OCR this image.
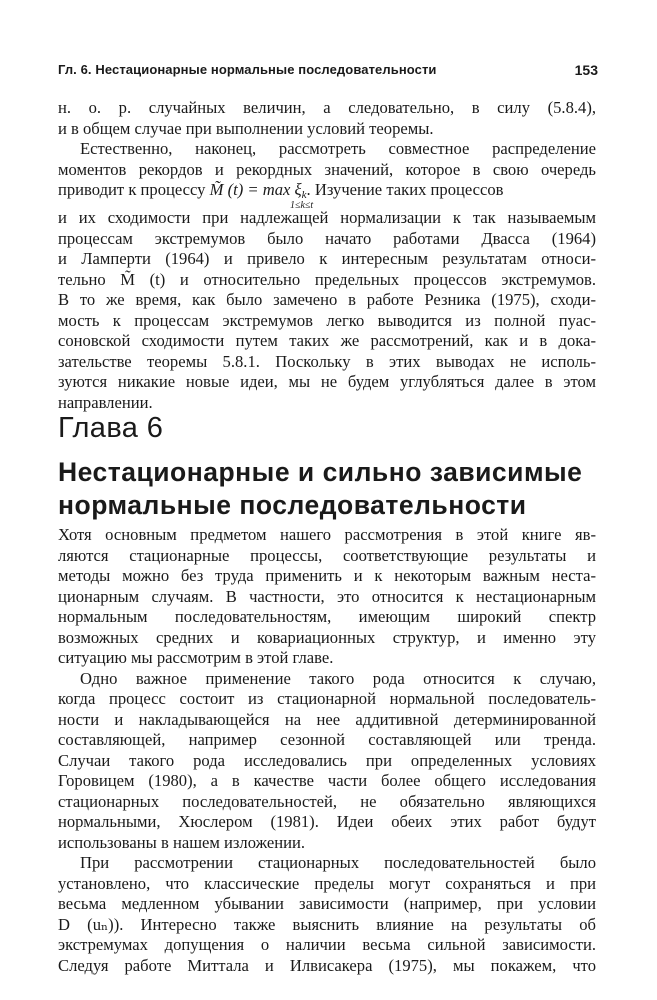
Гл. 6. Нестационарные нормальные последовательности	153
н. о. р. случайных величин, а следовательно, в силу (5.8.4),
и в общем случае при выполнении условий теоремы.
Естественно, наконец, рассмотреть совместное распределение
моментов рекордов и рекордных значений, которое в свою очередь
приводит к процессу M̃ (t) = max ξk. Изучение таких процессов
1≤k≤t
и их сходимости при надлежащей нормализации к так называемым
процессам экстремумов было начато работами Двасса (1964)
и Ламперти (1964) и привело к интересным результатам относи-
тельно M̃ (t) и относительно предельных процессов экстремумов.
В то же время, как было замечено в работе Резника (1975), сходи-
мость к процессам экстремумов легко выводится из полной пуас-
соновской сходимости путем таких же рассмотрений, как и в дока-
зательстве теоремы 5.8.1. Поскольку в этих выводах не исполь-
зуются никакие новые идеи, мы не будем углубляться далее в этом
направлении.
Глава 6
Нестационарные и сильно зависимые
нормальные последовательности
Хотя основным предметом нашего рассмотрения в этой книге яв-
ляются стационарные процессы, соответствующие результаты и
методы можно без труда применить и к некоторым важным неста-
ционарным случаям. В частности, это относится к нестационарным
нормальным последовательностям, имеющим широкий спектр
возможных средних и ковариационных структур, и именно эту
ситуацию мы рассмотрим в этой главе.
Одно важное применение такого рода относится к случаю,
когда процесс состоит из стационарной нормальной последователь-
ности и накладывающейся на нее аддитивной детерминированной
составляющей, например сезонной составляющей или тренда.
Случаи такого рода исследовались при определенных условиях
Горовицем (1980), а в качестве части более общего исследования
стационарных последовательностей, не обязательно являющихся
нормальными, Хюслером (1981). Идеи обеих этих работ будут
использованы в нашем изложении.
При рассмотрении стационарных последовательностей было
установлено, что классические пределы могут сохраняться и при
весьма медленном убывании зависимости (например, при условии
D (uₙ)). Интересно также выяснить влияние на результаты об
экстремумах допущения о наличии весьма сильной зависимости.
Следуя работе Миттала и Илвисакера (1975), мы покажем, что
